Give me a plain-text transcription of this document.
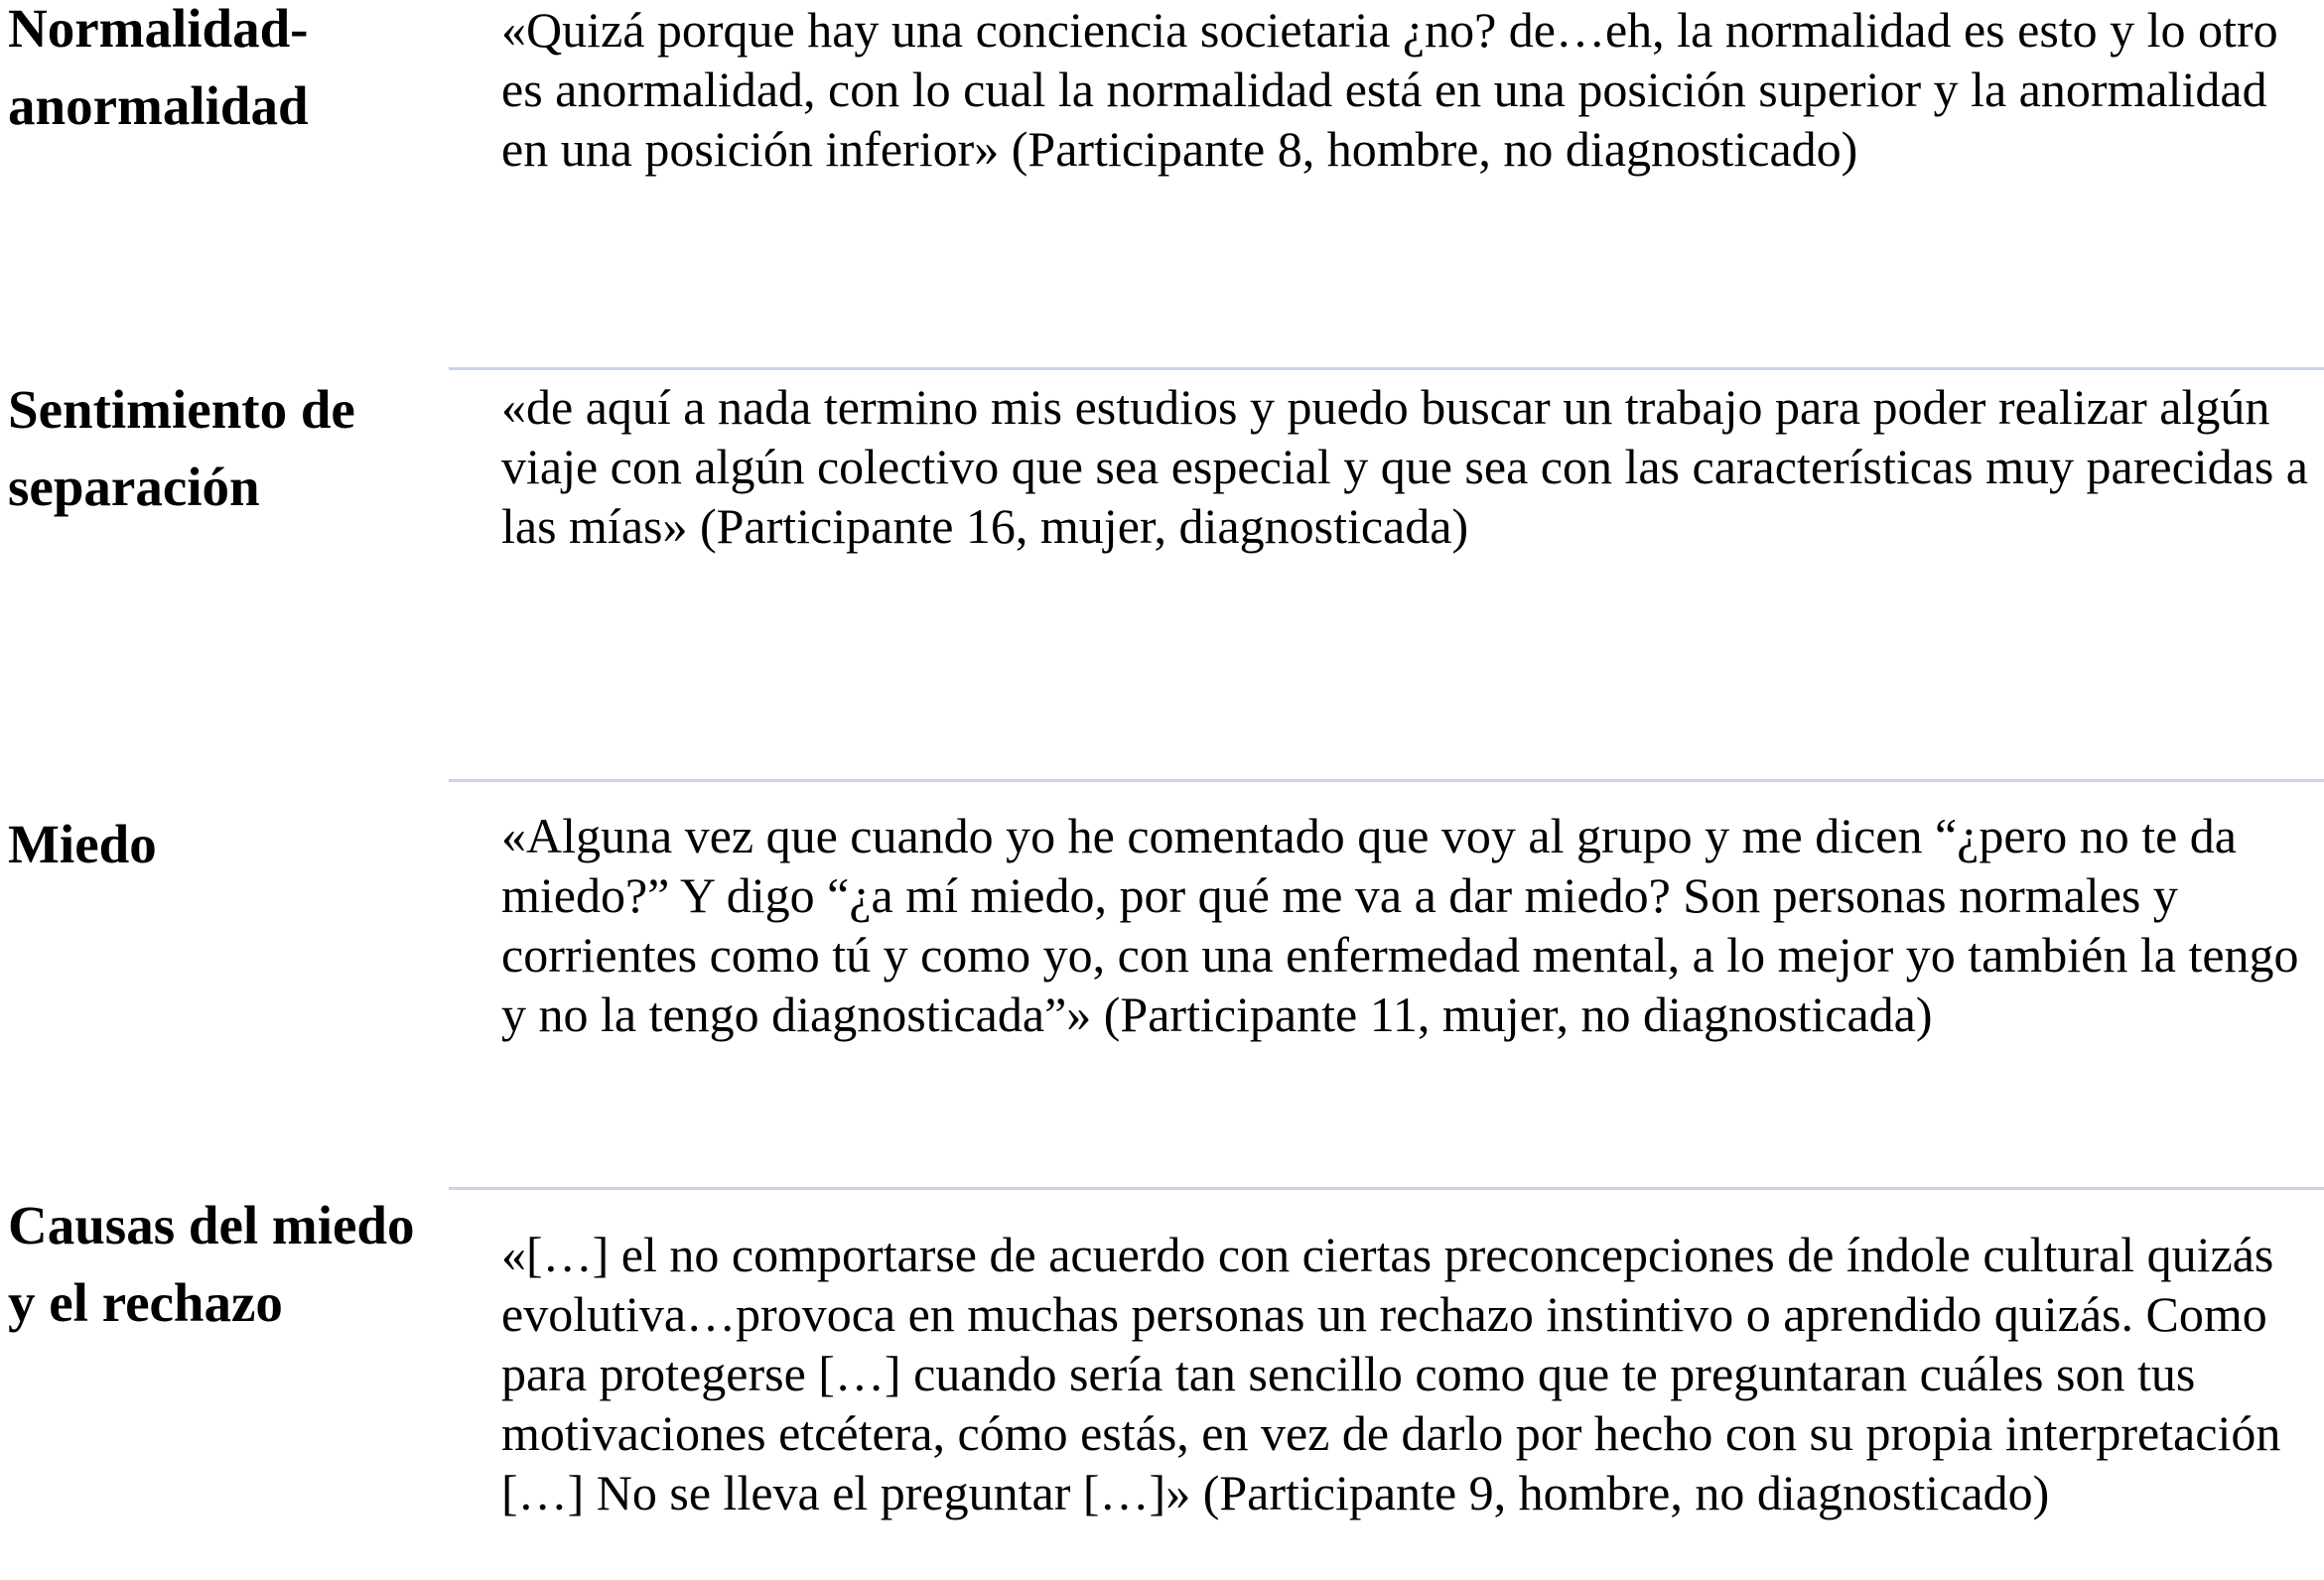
Normalidad-anormalidad

«Quizá porque hay una conciencia societaria ¿no? de…eh, la normalidad es esto y lo otro es anormalidad, con lo cual la normalidad está en una posición superior y la anormalidad en una posición inferior» (Participante 8, hombre, no diagnosticado)

Sentimiento de separación

«de aquí a nada termino mis estudios y puedo buscar un trabajo para poder realizar algún viaje con algún colectivo que sea especial y que sea con las características muy parecidas a las mías» (Participante 16, mujer, diagnosticada)

Miedo	«Alguna vez que cuando yo he comentado que voy al grupo y me dicen “¿pero no te da miedo?” Y digo “¿a mí miedo, por qué me va a dar miedo? Son personas normales y corrientes como tú y como yo, con una enfermedad mental, a lo mejor yo también la tengo y no la tengo diagnosticada”» (Participante 11, mujer, no diagnosticada)

Causas del miedo y el rechazo

«[…] el no comportarse de acuerdo con ciertas preconcepciones de índole cultural quizás evolutiva…provoca en muchas personas un rechazo instintivo o aprendido quizás. Como para protegerse […] cuando sería tan sencillo como que te preguntaran cuáles son tus motivaciones etcétera, cómo estás, en vez de darlo por hecho con su propia interpretación […] No se lleva el preguntar […]» (Participante 9, hombre, no diagnosticado)
